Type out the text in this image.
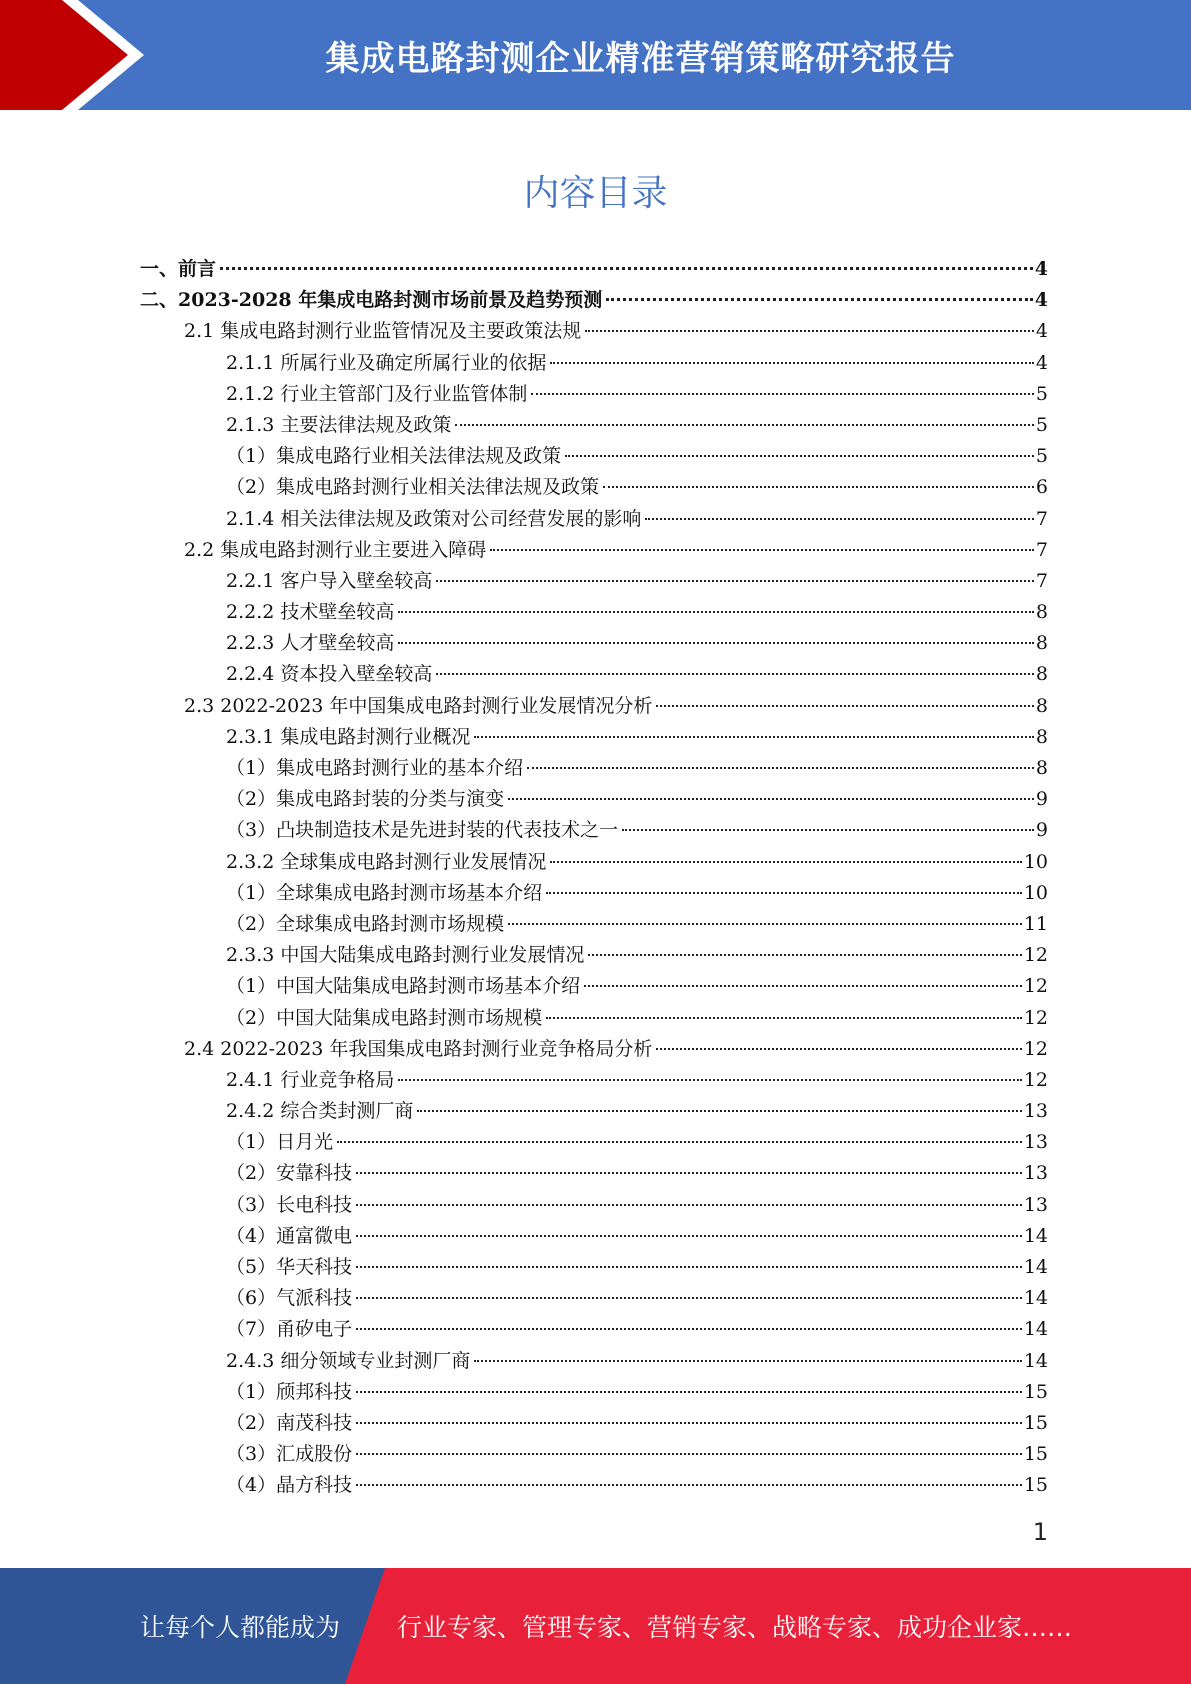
集成电路封测企业精准营销策略研究报告
内容目录
一、前言	4
二、2023-2028 年集成电路封测市场前景及趋势预测	4
2.1 集成电路封测行业监管情况及主要政策法规	4
2.1.1 所属行业及确定所属行业的依据	4
2.1.2 行业主管部门及行业监管体制	5
2.1.3 主要法律法规及政策	5
（1）集成电路行业相关法律法规及政策	5
（2）集成电路封测行业相关法律法规及政策	6
2.1.4 相关法律法规及政策对公司经营发展的影响	7
2.2 集成电路封测行业主要进入障碍	7
2.2.1 客户导入壁垒较高	7
2.2.2 技术壁垒较高	8
2.2.3 人才壁垒较高	8
2.2.4 资本投入壁垒较高	8
2.3 2022-2023 年中国集成电路封测行业发展情况分析	8
2.3.1 集成电路封测行业概况	8
（1）集成电路封测行业的基本介绍	8
（2）集成电路封装的分类与演变	9
（3）凸块制造技术是先进封装的代表技术之一	9
2.3.2 全球集成电路封测行业发展情况	10
（1）全球集成电路封测市场基本介绍	10
（2）全球集成电路封测市场规模	11
2.3.3 中国大陆集成电路封测行业发展情况	12
（1）中国大陆集成电路封测市场基本介绍	12
（2）中国大陆集成电路封测市场规模	12
2.4 2022-2023 年我国集成电路封测行业竞争格局分析	12
2.4.1 行业竞争格局	12
2.4.2 综合类封测厂商	13
（1）日月光	13
（2）安靠科技	13
（3）长电科技	13
（4）通富微电	14
（5）华天科技	14
（6）气派科技	14
（7）甬矽电子	14
2.4.3 细分领域专业封测厂商	14
（1）颀邦科技	15
（2）南茂科技	15
（3）汇成股份	15
（4）晶方科技	15
1
让每个人都能成为 行业专家、管理专家、营销专家、战略专家、成功企业家……
